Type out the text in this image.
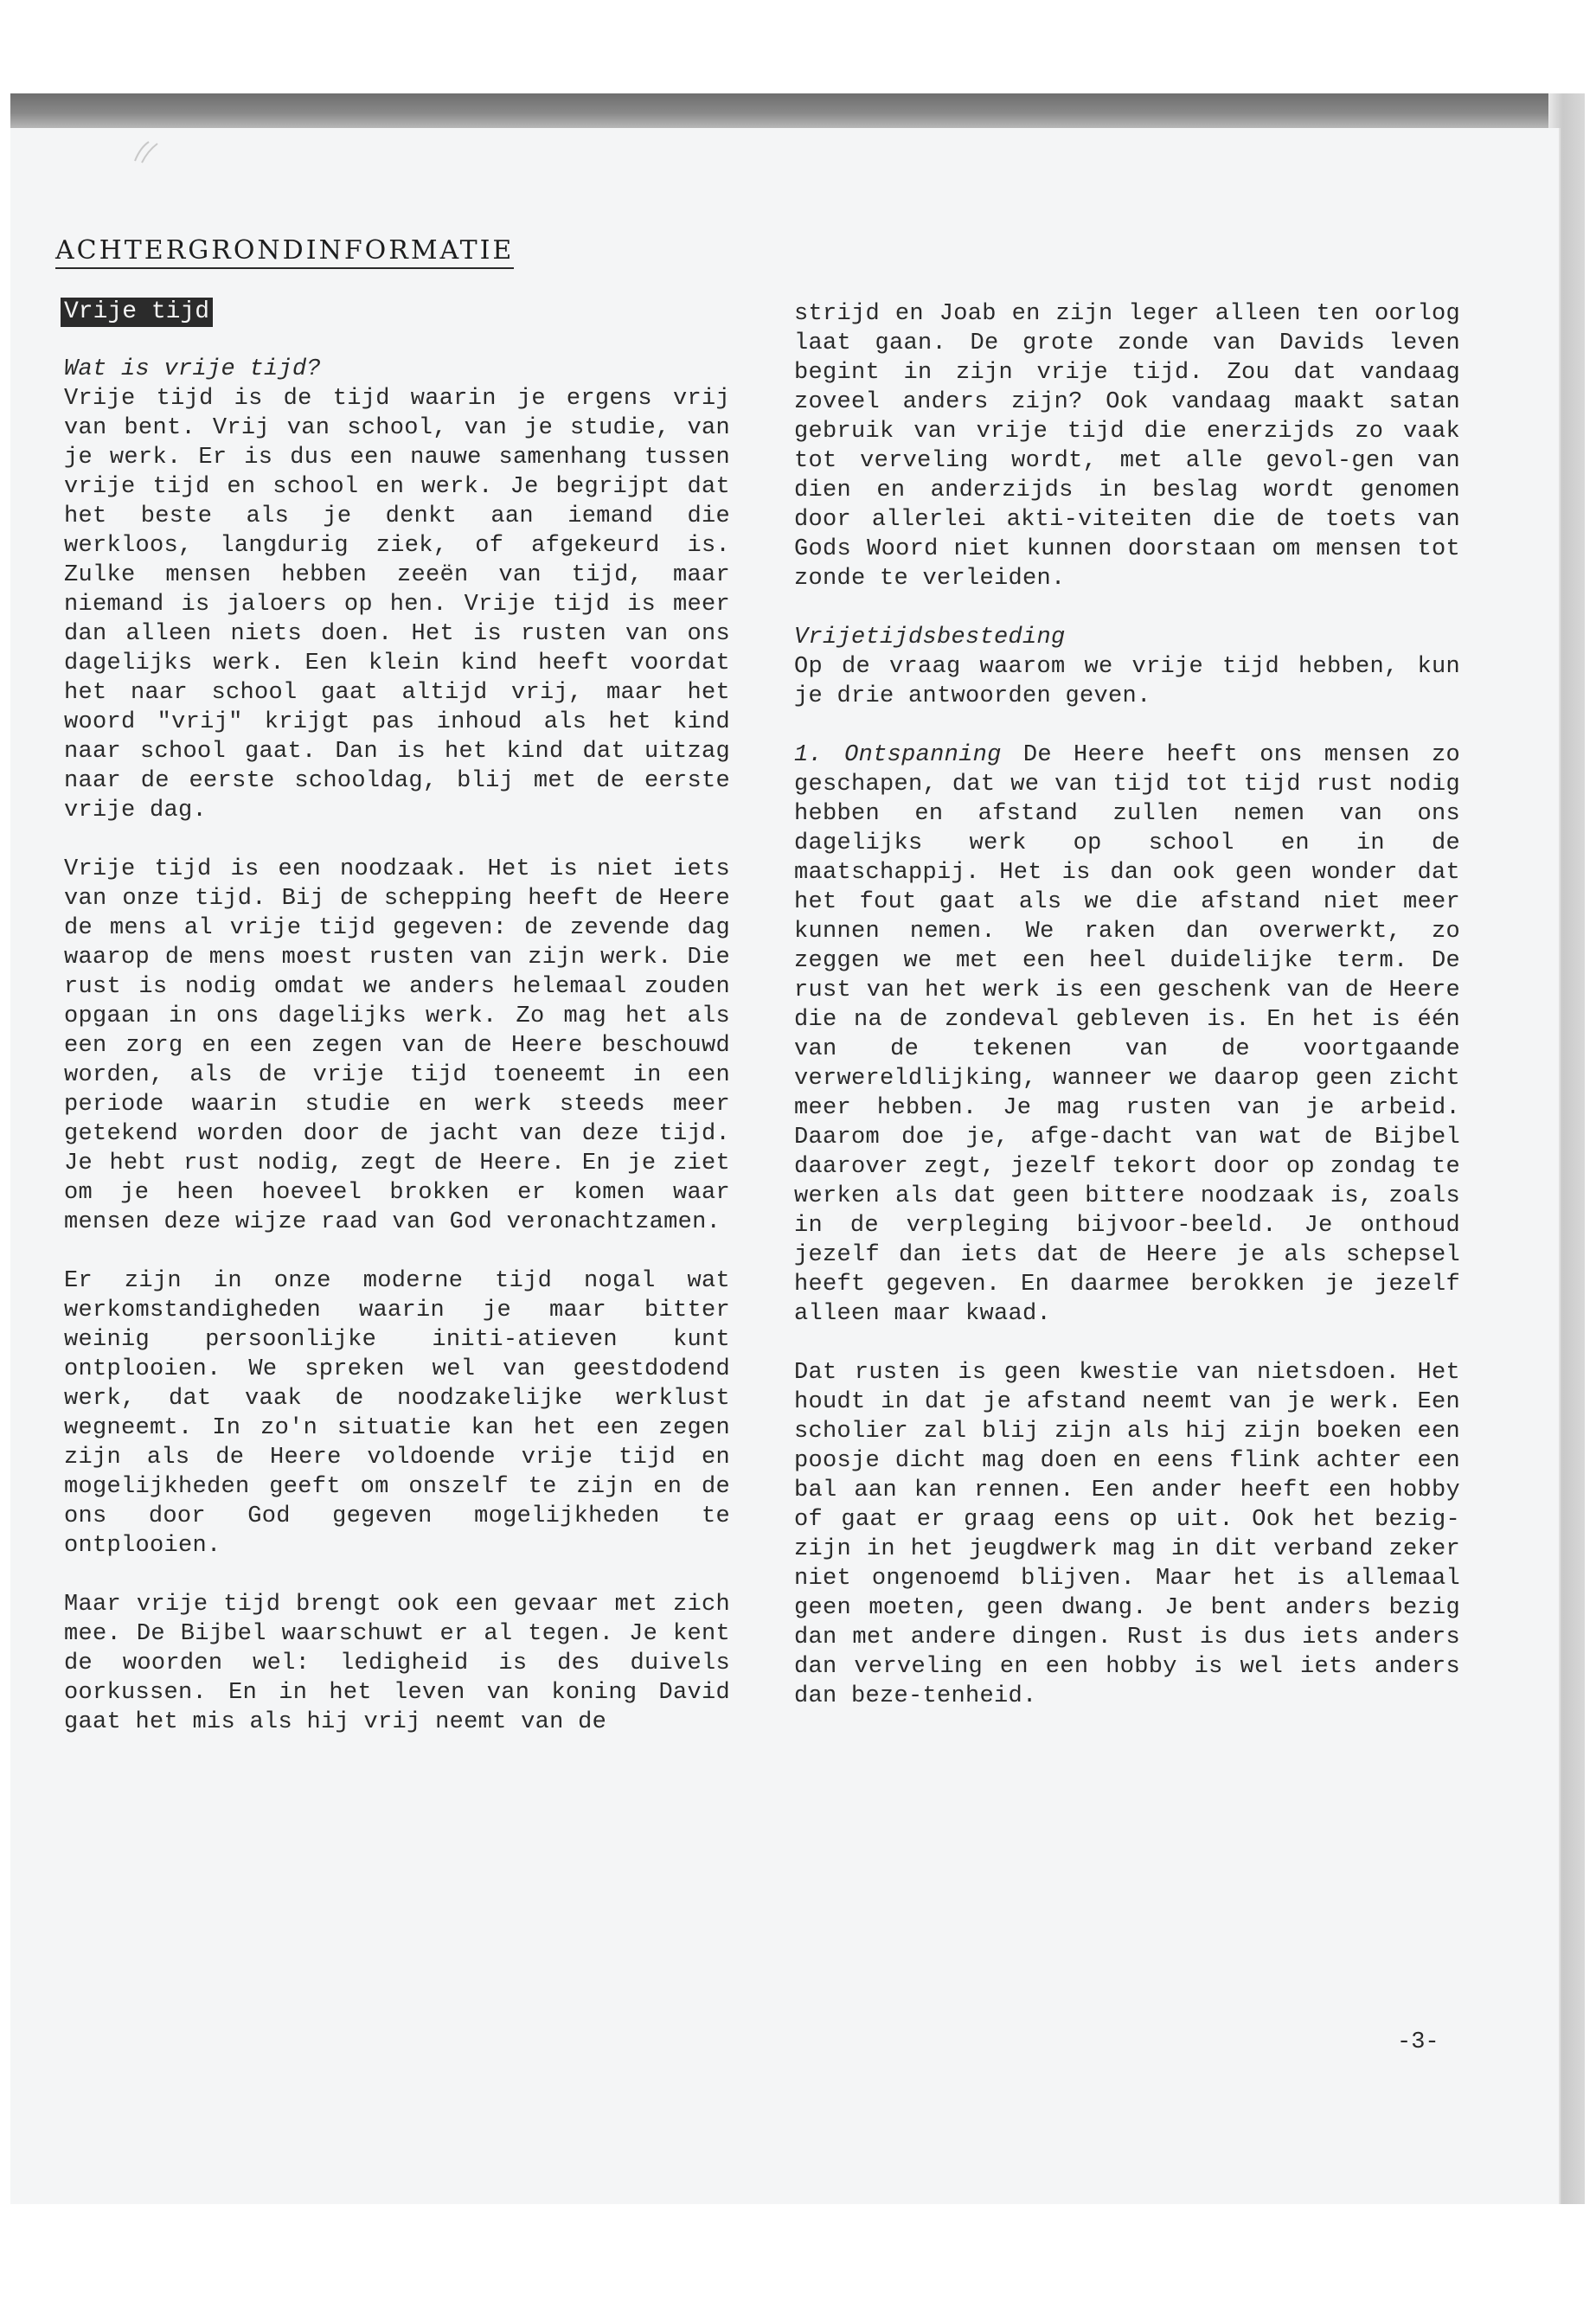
ACHTERGRONDINFORMATIE
Vrije tijd

Wat is vrije tijd?

Vrije tijd is de tijd waarin je ergens vrij van bent. Vrij van school, van je studie, van je werk. Er is dus een nauwe samenhang tussen vrije tijd en school en werk. Je begrijpt dat het beste als je denkt aan iemand die werkloos, langdurig ziek, of afgekeurd is. Zulke mensen hebben zeeën van tijd, maar niemand is jaloers op hen. Vrije tijd is meer dan alleen niets doen. Het is rusten van ons dagelijks werk. Een klein kind heeft voordat het naar school gaat altijd vrij, maar het woord "vrij" krijgt pas inhoud als het kind naar school gaat. Dan is het kind dat uitzag naar de eerste schooldag, blij met de eerste vrije dag.

Vrije tijd is een noodzaak. Het is niet iets van onze tijd. Bij de schepping heeft de Heere de mens al vrije tijd gegeven: de zevende dag waarop de mens moest rusten van zijn werk. Die rust is nodig omdat we anders helemaal zouden opgaan in ons dagelijks werk. Zo mag het als een zorg en een zegen van de Heere beschouwd worden, als de vrije tijd toeneemt in een periode waarin studie en werk steeds meer getekend worden door de jacht van deze tijd. Je hebt rust nodig, zegt de Heere. En je ziet om je heen hoeveel brokken er komen waar mensen deze wijze raad van God veronachtzamen.

Er zijn in onze moderne tijd nogal wat werkomstandigheden waarin je maar bitter weinig persoonlijke initi-atieven kunt ontplooien. We spreken wel van geestdodend werk, dat vaak de noodzakelijke werklust wegneemt. In zo'n situatie kan het een zegen zijn als de Heere voldoende vrije tijd en mogelijkheden geeft om onszelf te zijn en de ons door God gegeven mogelijkheden te ontplooien.

Maar vrije tijd brengt ook een gevaar met zich mee. De Bijbel waarschuwt er al tegen. Je kent de woorden wel: ledigheid is des duivels oorkussen. En in het leven van koning David gaat het mis als hij vrij neemt van de

strijd en Joab en zijn leger alleen ten oorlog laat gaan. De grote zonde van Davids leven begint in zijn vrije tijd. Zou dat vandaag zoveel anders zijn? Ook vandaag maakt satan gebruik van vrije tijd die enerzijds zo vaak tot verveling wordt, met alle gevol-gen van dien en anderzijds in beslag wordt genomen door allerlei akti-viteiten die de toets van Gods Woord niet kunnen doorstaan om mensen tot zonde te verleiden.

Vrijetijdsbesteding

Op de vraag waarom we vrije tijd hebben, kun je drie antwoorden geven.

1. Ontspanning De Heere heeft ons mensen zo geschapen, dat we van tijd tot tijd rust nodig hebben en afstand zullen nemen van ons dagelijks werk op school en in de maatschappij. Het is dan ook geen wonder dat het fout gaat als we die afstand niet meer kunnen nemen. We raken dan overwerkt, zo zeggen we met een heel duidelijke term. De rust van het werk is een geschenk van de Heere die na de zondeval gebleven is. En het is één van de tekenen van de voortgaande verwereldlijking, wanneer we daarop geen zicht meer hebben. Je mag rusten van je arbeid. Daarom doe je, afge-dacht van wat de Bijbel daarover zegt, jezelf tekort door op zondag te werken als dat geen bittere noodzaak is, zoals in de verpleging bijvoor-beeld. Je onthoud jezelf dan iets dat de Heere je als schepsel heeft gegeven. En daarmee berokken je jezelf alleen maar kwaad.

Dat rusten is geen kwestie van nietsdoen. Het houdt in dat je afstand neemt van je werk. Een scholier zal blij zijn als hij zijn boeken een poosje dicht mag doen en eens flink achter een bal aan kan rennen. Een ander heeft een hobby of gaat er graag eens op uit. Ook het bezig-zijn in het jeugdwerk mag in dit verband zeker niet ongenoemd blijven. Maar het is allemaal geen moeten, geen dwang. Je bent anders bezig dan met andere dingen. Rust is dus iets anders dan verveling en een hobby is wel iets anders dan beze-tenheid.

-3-
